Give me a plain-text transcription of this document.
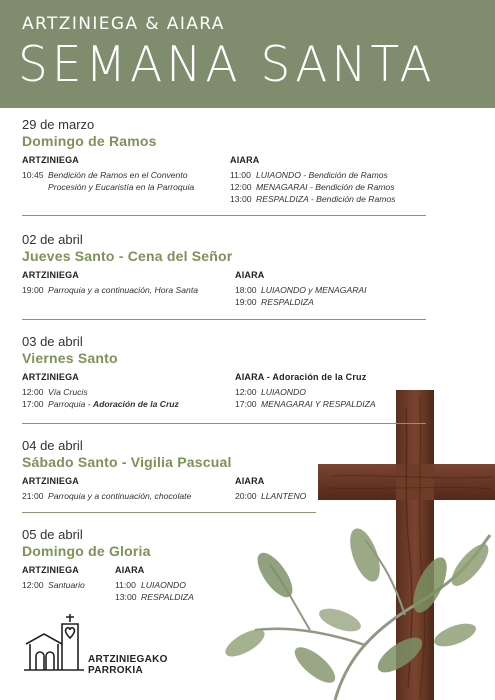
ARTZINIEGA & AIARA
SEMANA SANTA
29 de marzo
Domingo de Ramos
ARTZINIEGA
10:45 Bendición de Ramos en el Convento
Procesión y Eucaristía en la Parroquia
AIARA
11:00 LUIAONDO - Bendición de Ramos
12:00 MENAGARAI - Bendición de Ramos
13:00 RESPALDIZA - Bendición de Ramos
02 de abril
Jueves Santo - Cena del Señor
ARTZINIEGA
19:00 Parroquia y a continuación, Hora Santa
AIARA
18:00 LUIAONDO y MENAGARAI
19:00 RESPALDIZA
03 de abril
Viernes Santo
ARTZINIEGA
12:00 Vía Crucis
17:00 Parroquia - Adoración de la Cruz
AIARA - Adoración de la Cruz
12:00 LUIAONDO
17:00 MENAGARAI Y RESPALDIZA
04 de abril
Sábado Santo - Vigilia Pascual
ARTZINIEGA
21:00 Parroquia y a continuación, chocolate
AIARA
20:00 LLANTENO
05 de abril
Domingo de Gloria
ARTZINIEGA
12:00 Santuario
AIARA
11:00 LUIAONDO
13:00 RESPALDIZA
ARTZINIEGAKO
PARROKIA
